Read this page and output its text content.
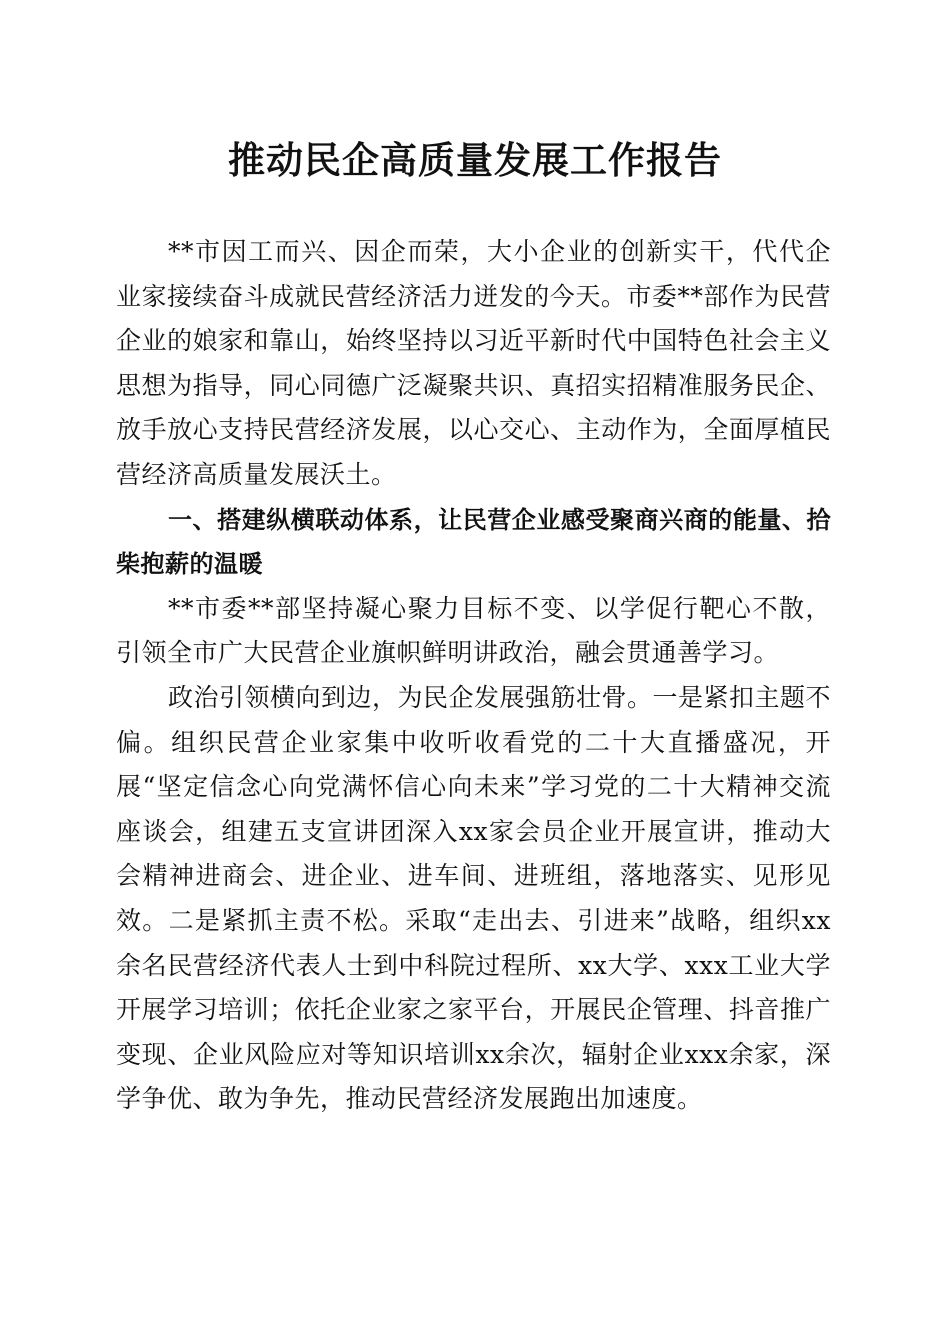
推动民企高质量发展工作报告

**市因工而兴、因企而荣，大小企业的创新实干，代代企业家接续奋斗成就民营经济活力迸发的今天。市委**部作为民营企业的娘家和靠山，始终坚持以习近平新时代中国特色社会主义思想为指导，同心同德广泛凝聚共识、真招实招精准服务民企、放手放心支持民营经济发展，以心交心、主动作为，全面厚植民营经济高质量发展沃土。

一、搭建纵横联动体系，让民营企业感受聚商兴商的能量、拾柴抱薪的温暖

**市委**部坚持凝心聚力目标不变、以学促行靶心不散，引领全市广大民营企业旗帜鲜明讲政治，融会贯通善学习。

政治引领横向到边，为民企发展强筋壮骨。一是紧扣主题不偏。组织民营企业家集中收听收看党的二十大直播盛况，开展“坚定信念心向党满怀信心向未来”学习党的二十大精神交流座谈会，组建五支宣讲团深入xx家会员企业开展宣讲，推动大会精神进商会、进企业、进车间、进班组，落地落实、见形见效。二是紧抓主责不松。采取“走出去、引进来”战略，组织xx余名民营经济代表人士到中科院过程所、xx大学、xxx工业大学开展学习培训；依托企业家之家平台，开展民企管理、抖音推广变现、企业风险应对等知识培训xx余次，辐射企业xxx余家，深学争优、敢为争先，推动民营经济发展跑出加速度。
